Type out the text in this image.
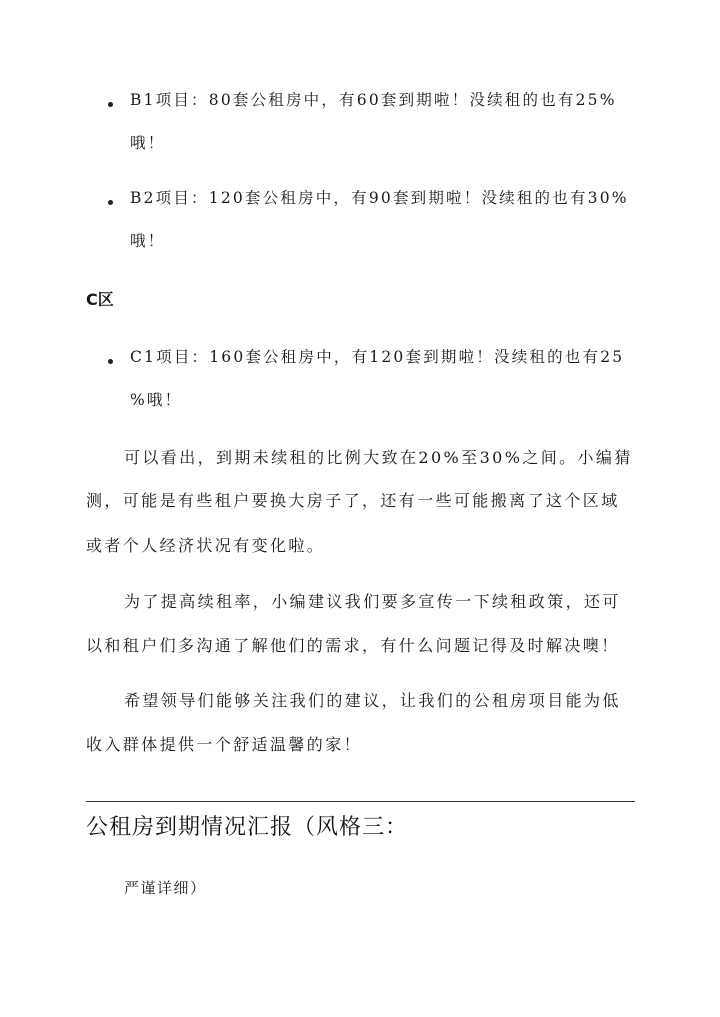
B1项目：80套公租房中，有60套到期啦！没续租的也有25%
哦！
B2项目：120套公租房中，有90套到期啦！没续租的也有30%
哦！
C区
C1项目：160套公租房中，有120套到期啦！没续租的也有25
%哦！
可以看出，到期未续租的比例大致在20%至30%之间。小编猜
测，可能是有些租户要换大房子了，还有一些可能搬离了这个区域
或者个人经济状况有变化啦。
为了提高续租率，小编建议我们要多宣传一下续租政策，还可
以和租户们多沟通了解他们的需求，有什么问题记得及时解决噢！
希望领导们能够关注我们的建议，让我们的公租房项目能为低
收入群体提供一个舒适温馨的家！
公租房到期情况汇报（风格三：
严谨详细）
